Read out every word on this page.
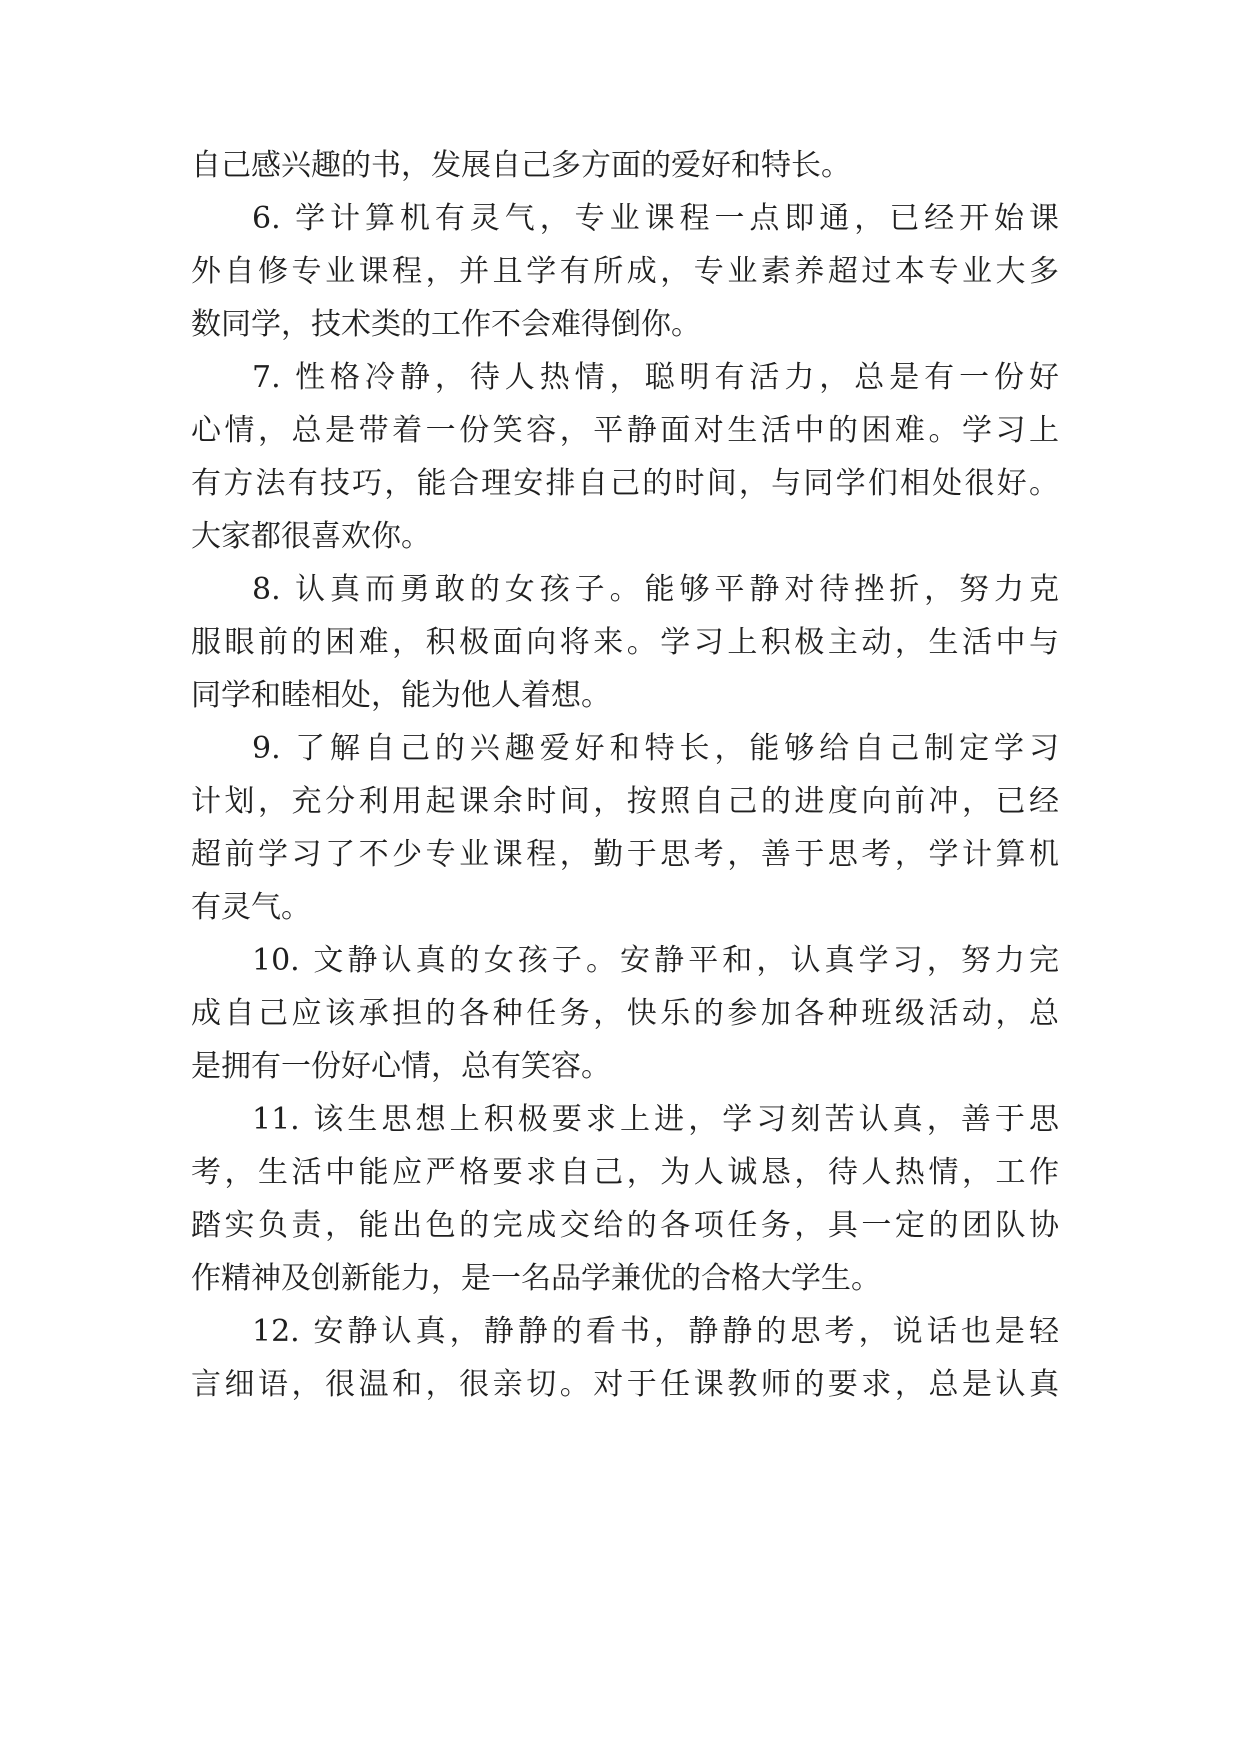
自己感兴趣的书，发展自己多方面的爱好和特长。
6. 学计算机有灵气，专业课程一点即通，已经开始课
外自修专业课程，并且学有所成，专业素养超过本专业大多
数同学，技术类的工作不会难得倒你。
7. 性格冷静，待人热情，聪明有活力，总是有一份好
心情，总是带着一份笑容，平静面对生活中的困难。学习上
有方法有技巧，能合理安排自己的时间，与同学们相处很好。
大家都很喜欢你。
8. 认真而勇敢的女孩子。能够平静对待挫折，努力克
服眼前的困难，积极面向将来。学习上积极主动，生活中与
同学和睦相处，能为他人着想。
9. 了解自己的兴趣爱好和特长，能够给自己制定学习
计划，充分利用起课余时间，按照自己的进度向前冲，已经
超前学习了不少专业课程，勤于思考，善于思考，学计算机
有灵气。
10. 文静认真的女孩子。安静平和，认真学习，努力完
成自己应该承担的各种任务，快乐的参加各种班级活动，总
是拥有一份好心情，总有笑容。
11. 该生思想上积极要求上进，学习刻苦认真，善于思
考，生活中能应严格要求自己，为人诚恳，待人热情，工作
踏实负责，能出色的完成交给的各项任务，具一定的团队协
作精神及创新能力，是一名品学兼优的合格大学生。
12. 安静认真，静静的看书，静静的思考，说话也是轻
言细语，很温和，很亲切。对于任课教师的要求，总是认真
